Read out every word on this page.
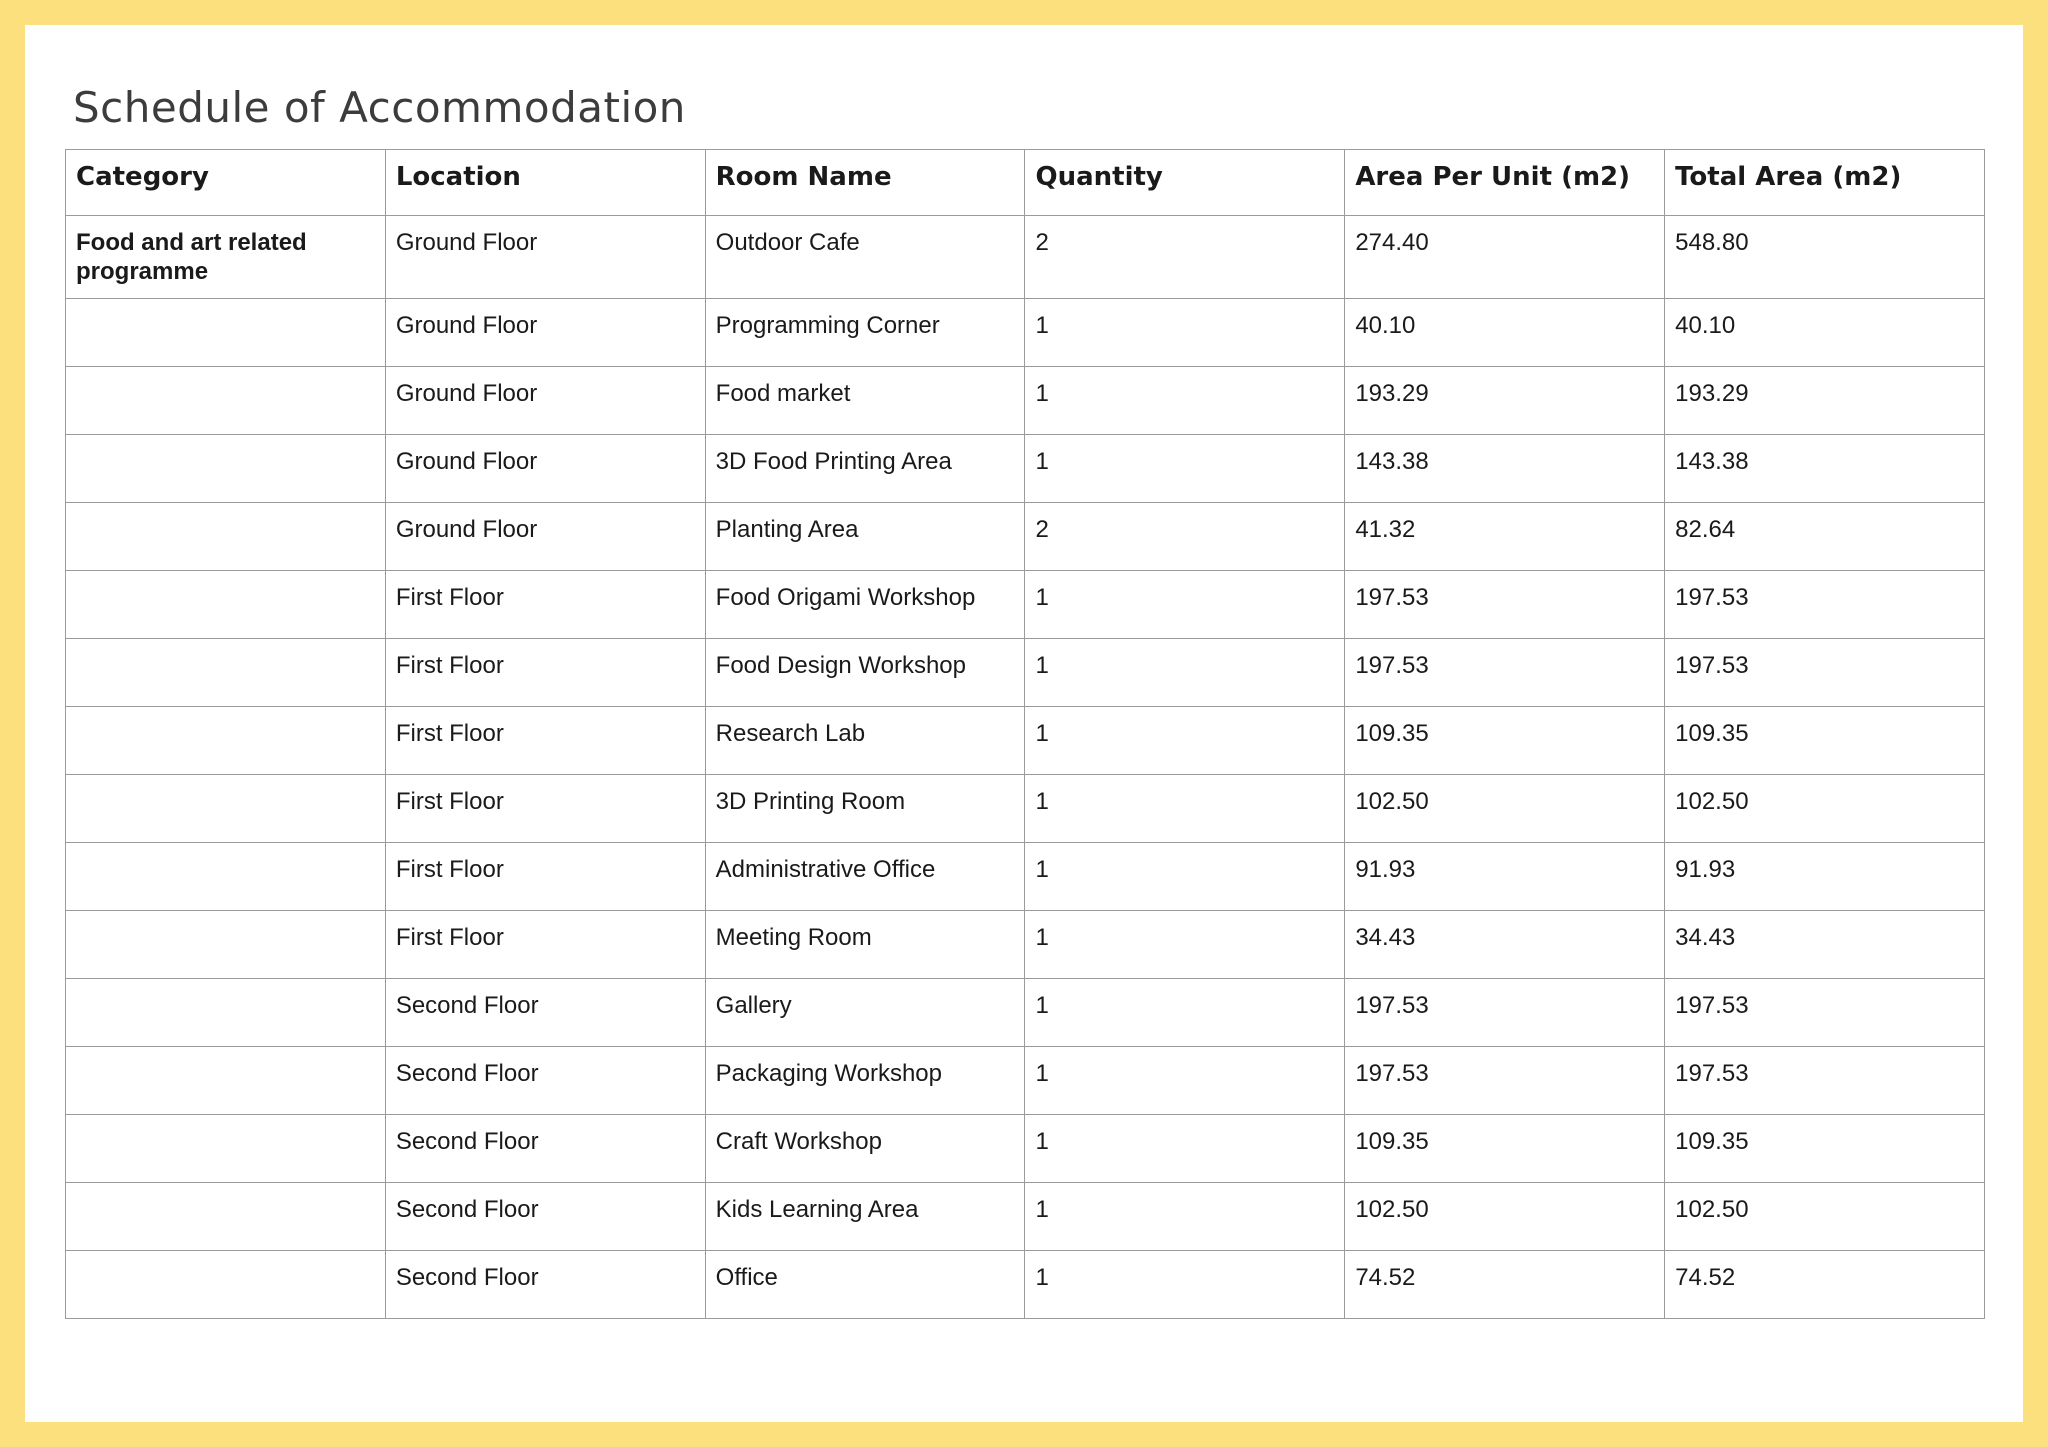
Schedule of Accommodation
Category	Location	Room Name	Quantity	Area Per Unit (m2)	Total Area (m2)
Food and art related programme	Ground Floor	Outdoor Cafe	2	274.40	548.80
	Ground Floor	Programming Corner	1	40.10	40.10
	Ground Floor	Food market	1	193.29	193.29
	Ground Floor	3D Food Printing Area	1	143.38	143.38
	Ground Floor	Planting Area	2	41.32	82.64
	First Floor	Food Origami Workshop	1	197.53	197.53
	First Floor	Food Design Workshop	1	197.53	197.53
	First Floor	Research Lab	1	109.35	109.35
	First Floor	3D Printing Room	1	102.50	102.50
	First Floor	Administrative Office	1	91.93	91.93
	First Floor	Meeting Room	1	34.43	34.43
	Second Floor	Gallery	1	197.53	197.53
	Second Floor	Packaging Workshop	1	197.53	197.53
	Second Floor	Craft Workshop	1	109.35	109.35
	Second Floor	Kids Learning Area	1	102.50	102.50
	Second Floor	Office	1	74.52	74.52
